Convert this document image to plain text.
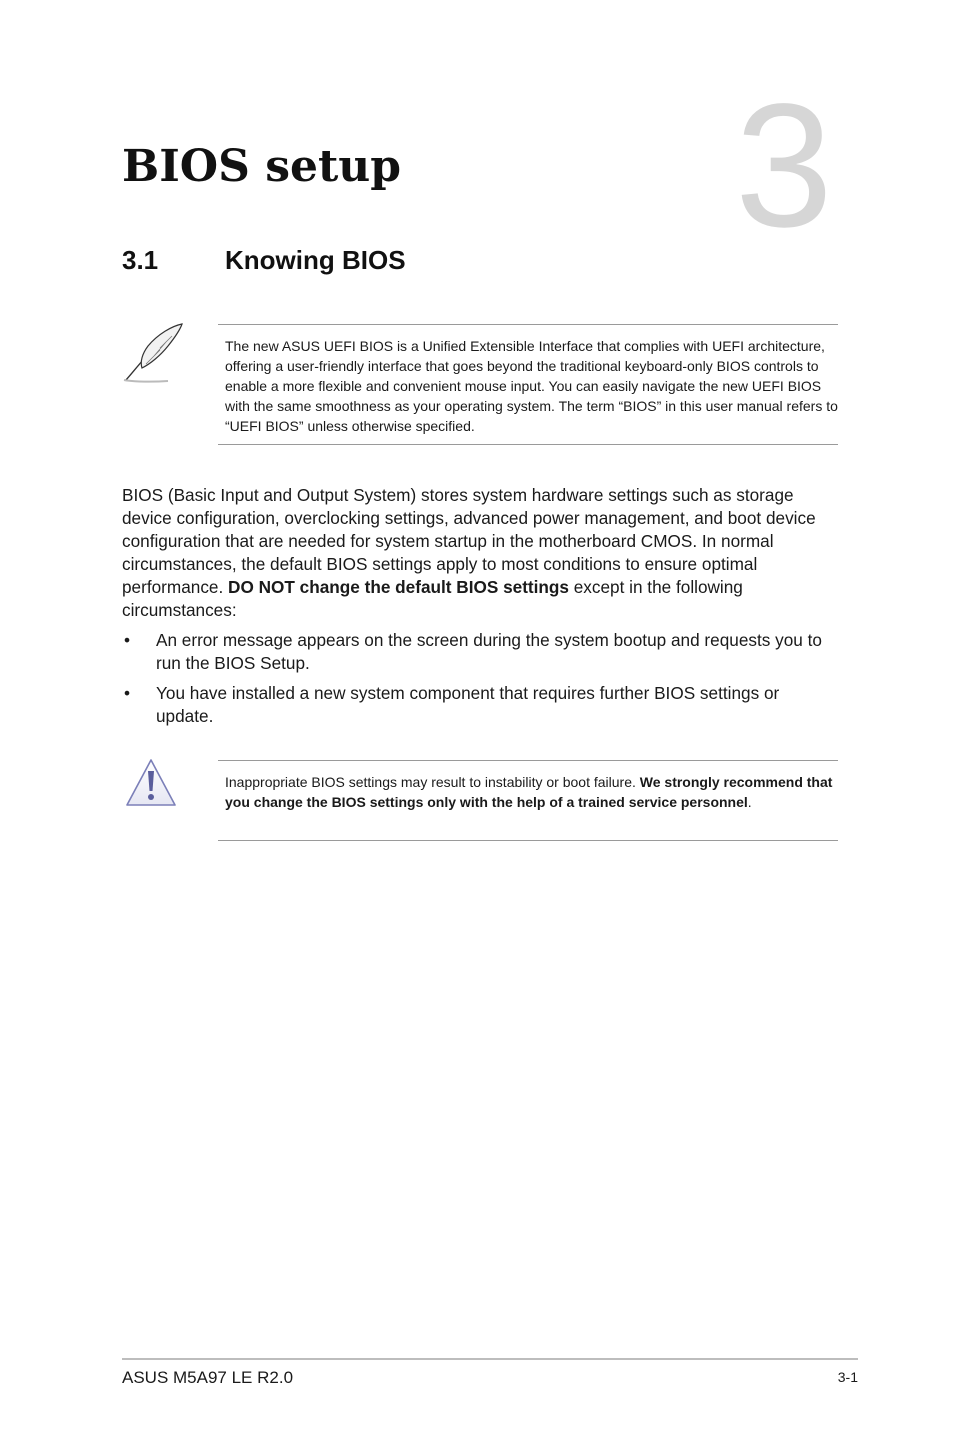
3
BIOS setup
3.1	Knowing BIOS

The new ASUS UEFI BIOS is a Unified Extensible Interface that complies with UEFI architecture, offering a user-friendly interface that goes beyond the traditional keyboard-only BIOS controls to enable a more flexible and convenient mouse input. You can easily navigate the new UEFI BIOS with the same smoothness as your operating system. The term “BIOS” in this user manual refers to “UEFI BIOS” unless otherwise specified.

BIOS (Basic Input and Output System) stores system hardware settings such as storage device configuration, overclocking settings, advanced power management, and boot device configuration that are needed for system startup in the motherboard CMOS. In normal circumstances, the default BIOS settings apply to most conditions to ensure optimal performance. DO NOT change the default BIOS settings except in the following circumstances:

• An error message appears on the screen during the system bootup and requests you to run the BIOS Setup.
• You have installed a new system component that requires further BIOS settings or update.

Inappropriate BIOS settings may result to instability or boot failure. We strongly recommend that you change the BIOS settings only with the help of a trained service personnel.

ASUS M5A97 LE R2.0	3-1
